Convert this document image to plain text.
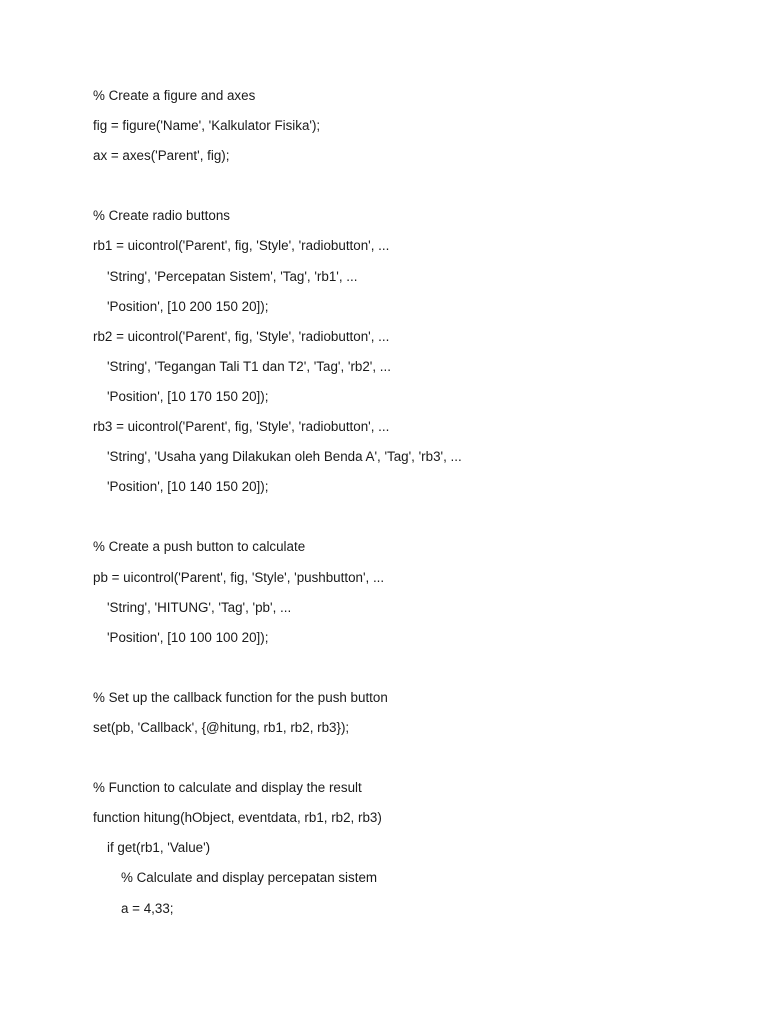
% Create a figure and axes
fig = figure('Name', 'Kalkulator Fisika');
ax = axes('Parent', fig);
% Create radio buttons
rb1 = uicontrol('Parent', fig, 'Style', 'radiobutton', ...
'String', 'Percepatan Sistem', 'Tag', 'rb1', ...
'Position', [10 200 150 20]);
rb2 = uicontrol('Parent', fig, 'Style', 'radiobutton', ...
'String', 'Tegangan Tali T1 dan T2', 'Tag', 'rb2', ...
'Position', [10 170 150 20]);
rb3 = uicontrol('Parent', fig, 'Style', 'radiobutton', ...
'String', 'Usaha yang Dilakukan oleh Benda A', 'Tag', 'rb3', ...
'Position', [10 140 150 20]);
% Create a push button to calculate
pb = uicontrol('Parent', fig, 'Style', 'pushbutton', ...
'String', 'HITUNG', 'Tag', 'pb', ...
'Position', [10 100 100 20]);
% Set up the callback function for the push button
set(pb, 'Callback', {@hitung, rb1, rb2, rb3});
% Function to calculate and display the result
function hitung(hObject, eventdata, rb1, rb2, rb3)
if get(rb1, 'Value')
% Calculate and display percepatan sistem
a = 4,33;
